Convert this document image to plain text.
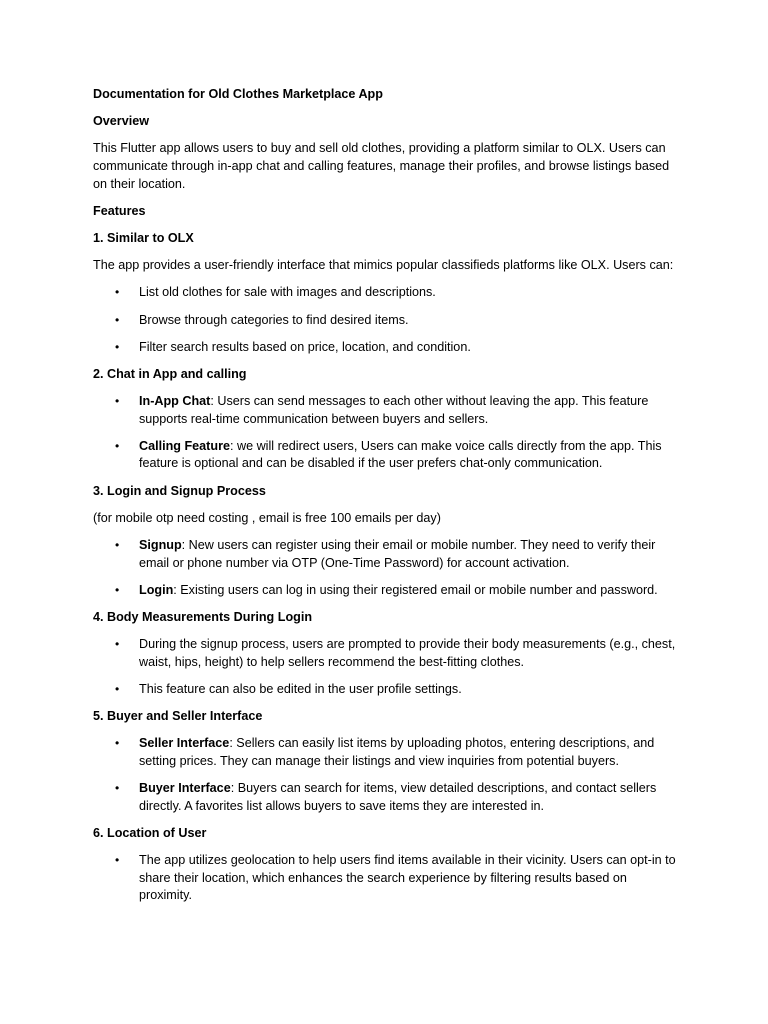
Documentation for Old Clothes Marketplace App

Overview

This Flutter app allows users to buy and sell old clothes, providing a platform similar to OLX. Users can communicate through in-app chat and calling features, manage their profiles, and browse listings based on their location.

Features

1. Similar to OLX

The app provides a user-friendly interface that mimics popular classifieds platforms like OLX. Users can:

• List old clothes for sale with images and descriptions.
• Browse through categories to find desired items.
• Filter search results based on price, location, and condition.

2. Chat in App and calling

• In-App Chat: Users can send messages to each other without leaving the app. This feature supports real-time communication between buyers and sellers.
• Calling Feature: we will redirect users, Users can make voice calls directly from the app. This feature is optional and can be disabled if the user prefers chat-only communication.

3. Login and Signup Process

(for mobile otp need costing , email is free 100 emails per day)

• Signup: New users can register using their email or mobile number. They need to verify their email or phone number via OTP (One-Time Password) for account activation.
• Login: Existing users can log in using their registered email or mobile number and password.

4. Body Measurements During Login

• During the signup process, users are prompted to provide their body measurements (e.g., chest, waist, hips, height) to help sellers recommend the best-fitting clothes.
• This feature can also be edited in the user profile settings.

5. Buyer and Seller Interface

• Seller Interface: Sellers can easily list items by uploading photos, entering descriptions, and setting prices. They can manage their listings and view inquiries from potential buyers.
• Buyer Interface: Buyers can search for items, view detailed descriptions, and contact sellers directly. A favorites list allows buyers to save items they are interested in.

6. Location of User

• The app utilizes geolocation to help users find items available in their vicinity. Users can opt-in to share their location, which enhances the search experience by filtering results based on proximity.
